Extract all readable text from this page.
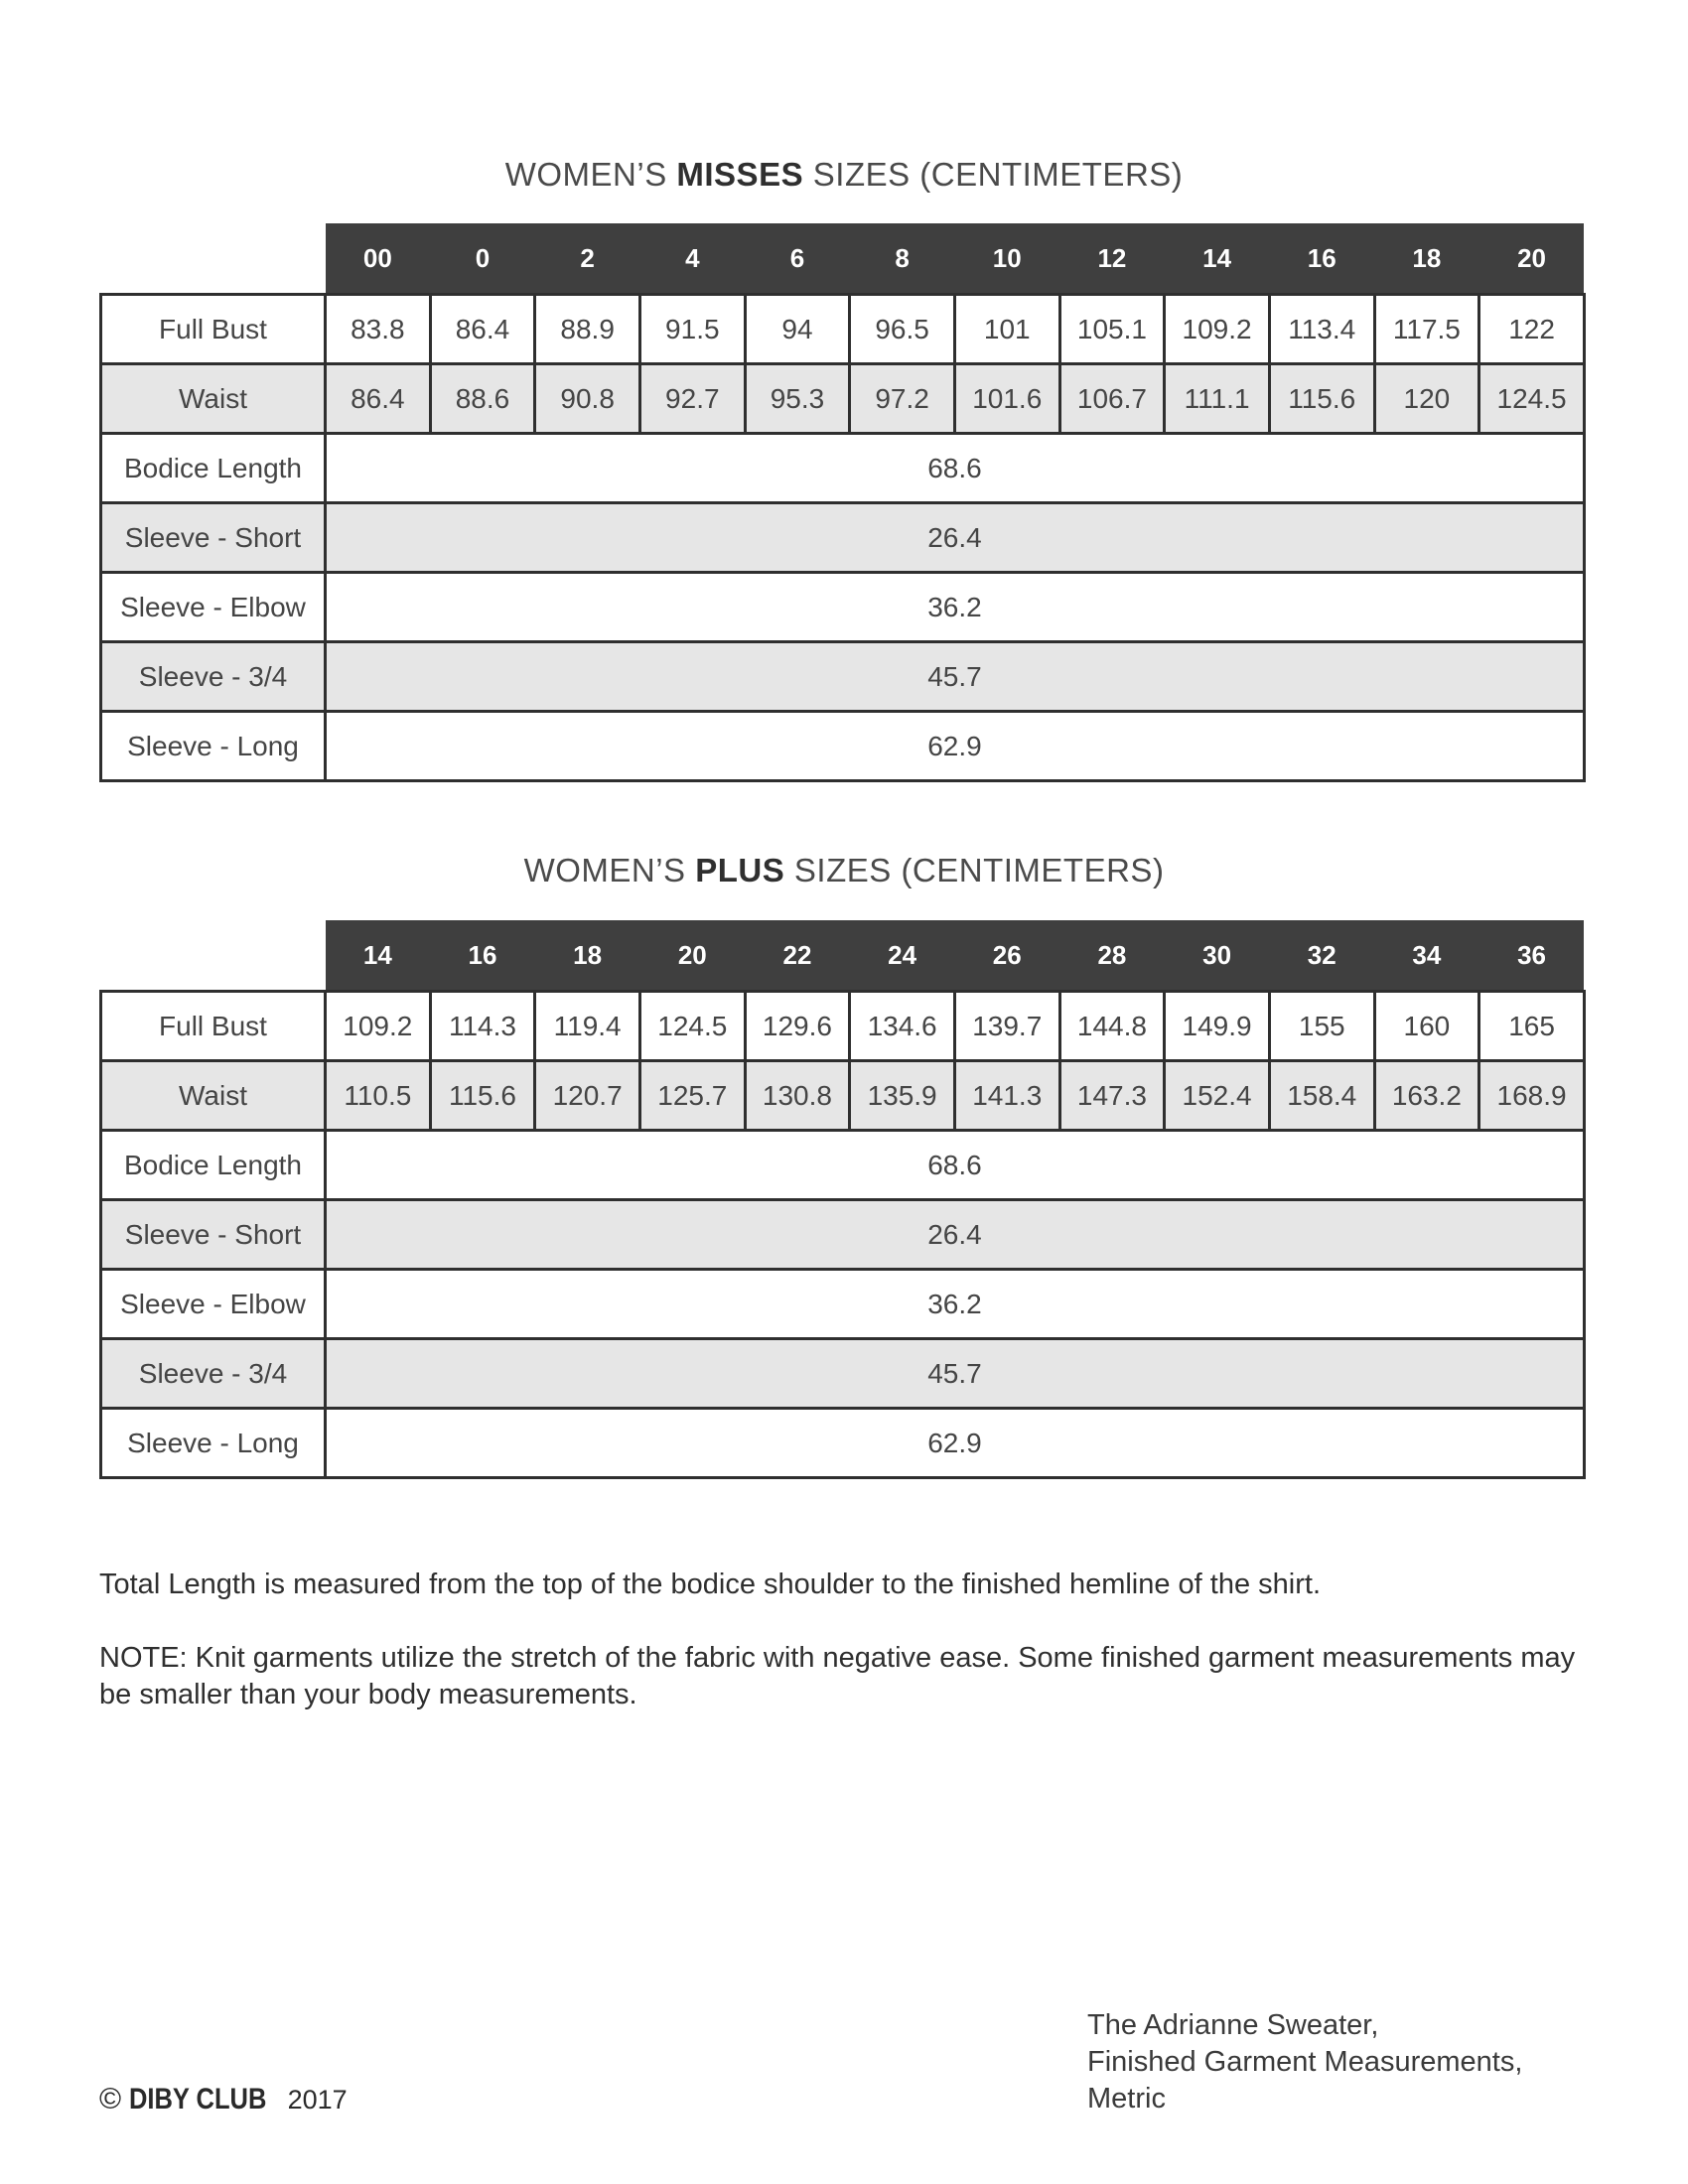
WOMEN’S MISSES SIZES (CENTIMETERS)
	00	0	2	4	6	8	10	12	14	16	18	20
Full Bust	83.8	86.4	88.9	91.5	94	96.5	101	105.1	109.2	113.4	117.5	122
Waist	86.4	88.6	90.8	92.7	95.3	97.2	101.6	106.7	111.1	115.6	120	124.5
Bodice Length	68.6											
Sleeve - Short	26.4											
Sleeve - Elbow	36.2											
Sleeve - 3/4	45.7											
Sleeve - Long	62.9											
WOMEN’S PLUS SIZES (CENTIMETERS)
	14	16	18	20	22	24	26	28	30	32	34	36
Full Bust	109.2	114.3	119.4	124.5	129.6	134.6	139.7	144.8	149.9	155	160	165
Waist	110.5	115.6	120.7	125.7	130.8	135.9	141.3	147.3	152.4	158.4	163.2	168.9
Bodice Length	68.6											
Sleeve - Short	26.4											
Sleeve - Elbow	36.2											
Sleeve - 3/4	45.7											
Sleeve - Long	62.9											
Total Length is measured from the top of the bodice shoulder to the finished hemline of the shirt.
NOTE: Knit garments utilize the stretch of the fabric with negative ease. Some finished garment measurements may be smaller than your body measurements.
© DIBY CLUB 2017
The Adrianne Sweater,
Finished Garment Measurements,
Metric
